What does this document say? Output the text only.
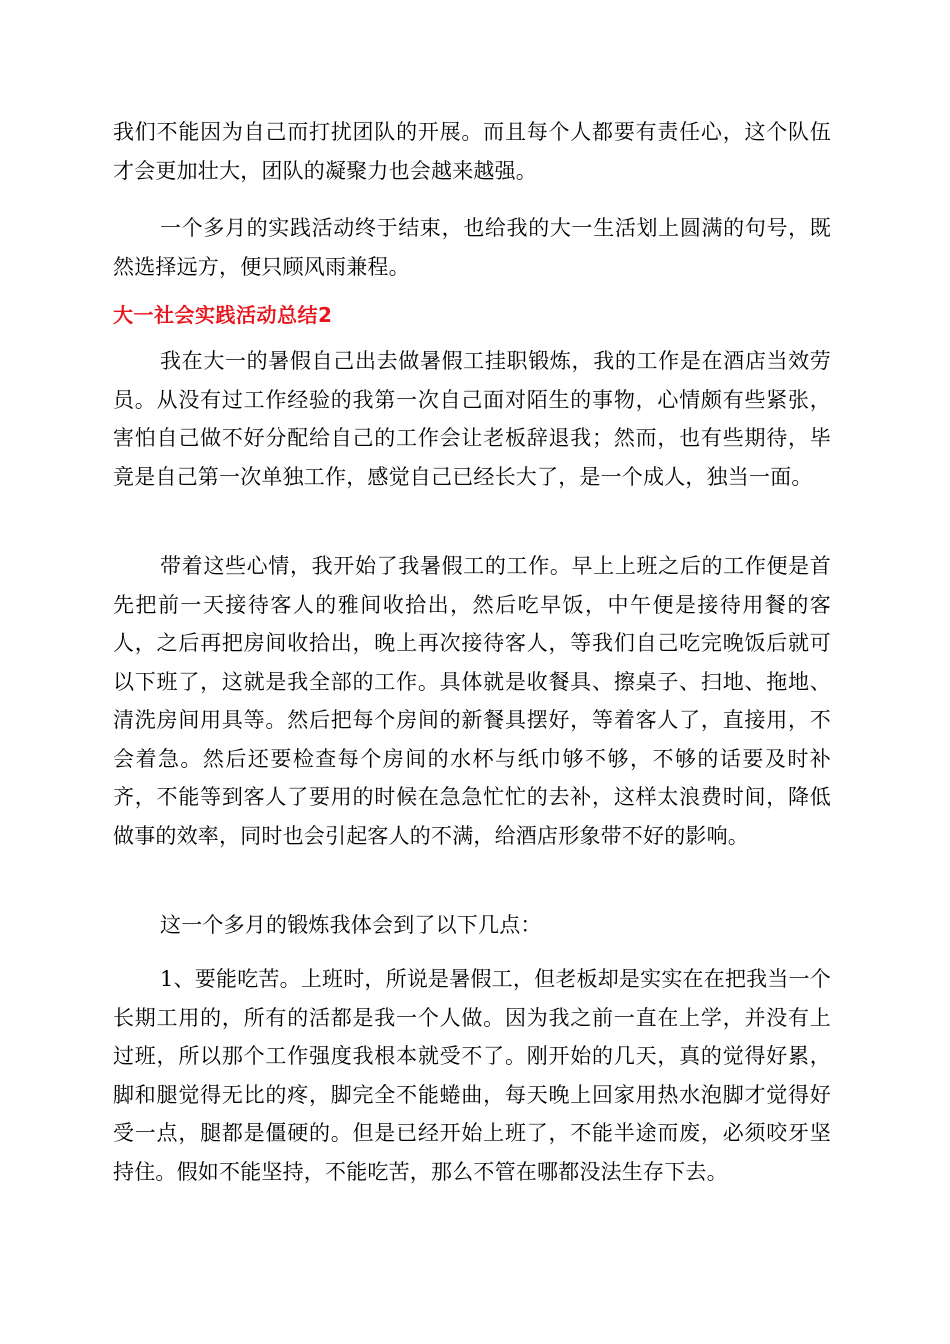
我们不能因为自己而打扰团队的开展。而且每个人都要有责任心，这个队伍才会更加壮大，团队的凝聚力也会越来越强。

一个多月的实践活动终于结束，也给我的大一生活划上圆满的句号，既然选择远方，便只顾风雨兼程。

大一社会实践活动总结2

我在大一的暑假自己出去做暑假工挂职锻炼，我的工作是在酒店当效劳员。从没有过工作经验的我第一次自己面对陌生的事物，心情颇有些紧张，害怕自己做不好分配给自己的工作会让老板辞退我；然而，也有些期待，毕竟是自己第一次单独工作，感觉自己已经长大了，是一个成人，独当一面。

带着这些心情，我开始了我暑假工的工作。早上上班之后的工作便是首先把前一天接待客人的雅间收拾出，然后吃早饭，中午便是接待用餐的客人，之后再把房间收拾出，晚上再次接待客人，等我们自己吃完晚饭后就可以下班了，这就是我全部的工作。具体就是收餐具、擦桌子、扫地、拖地、清洗房间用具等。然后把每个房间的新餐具摆好，等着客人了，直接用，不会着急。然后还要检查每个房间的水杯与纸巾够不够，不够的话要及时补齐，不能等到客人了要用的时候在急急忙忙的去补，这样太浪费时间，降低做事的效率，同时也会引起客人的不满，给酒店形象带不好的影响。

这一个多月的锻炼我体会到了以下几点：

1、要能吃苦。上班时，所说是暑假工，但老板却是实实在在把我当一个长期工用的，所有的活都是我一个人做。因为我之前一直在上学，并没有上过班，所以那个工作强度我根本就受不了。刚开始的几天，真的觉得好累，脚和腿觉得无比的疼，脚完全不能蜷曲，每天晚上回家用热水泡脚才觉得好受一点，腿都是僵硬的。但是已经开始上班了，不能半途而废，必须咬牙坚持住。假如不能坚持，不能吃苦，那么不管在哪都没法生存下去。
